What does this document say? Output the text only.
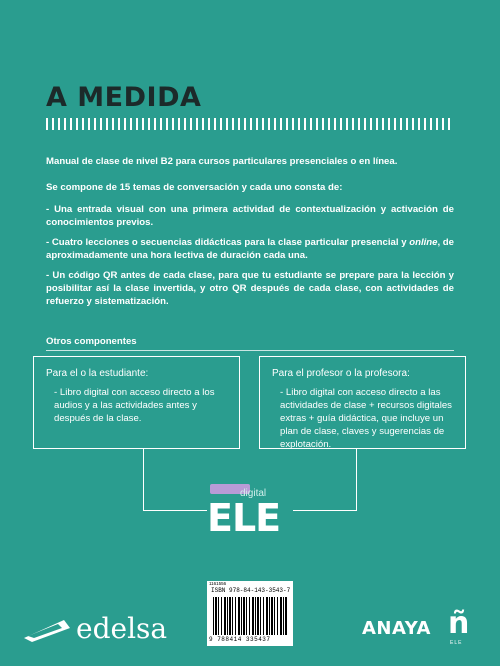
A MEDIDA

Manual de clase de nivel B2 para cursos particulares presenciales o en línea.

Se compone de 15 temas de conversación y cada uno consta de:

- Una entrada visual con una primera actividad de contextualización y activación de conocimientos previos.
- Cuatro lecciones o secuencias didácticas para la clase particular presencial y online, de aproximadamente una hora lectiva de duración cada una.
- Un código QR antes de cada clase, para que tu estudiante se prepare para la lección y posibilitar así la clase invertida, y otro QR después de cada clase, con actividades de refuerzo y sistematización.
Otros componentes
Para el o la estudiante:
- Libro digital con acceso directo a los audios y a las actividades antes y después de la clase.
Para el profesor o la profesora:
- Libro digital con acceso directo a las actividades de clase + recursos digitales extras + guía didáctica, que incluye un plan de clase, claves y sugerencias de explotación.
digital
ELE
1161556
ISBN 978-84-143-3543-7
9 788414 335437
edelsa	ANAYA ñ
ELE
